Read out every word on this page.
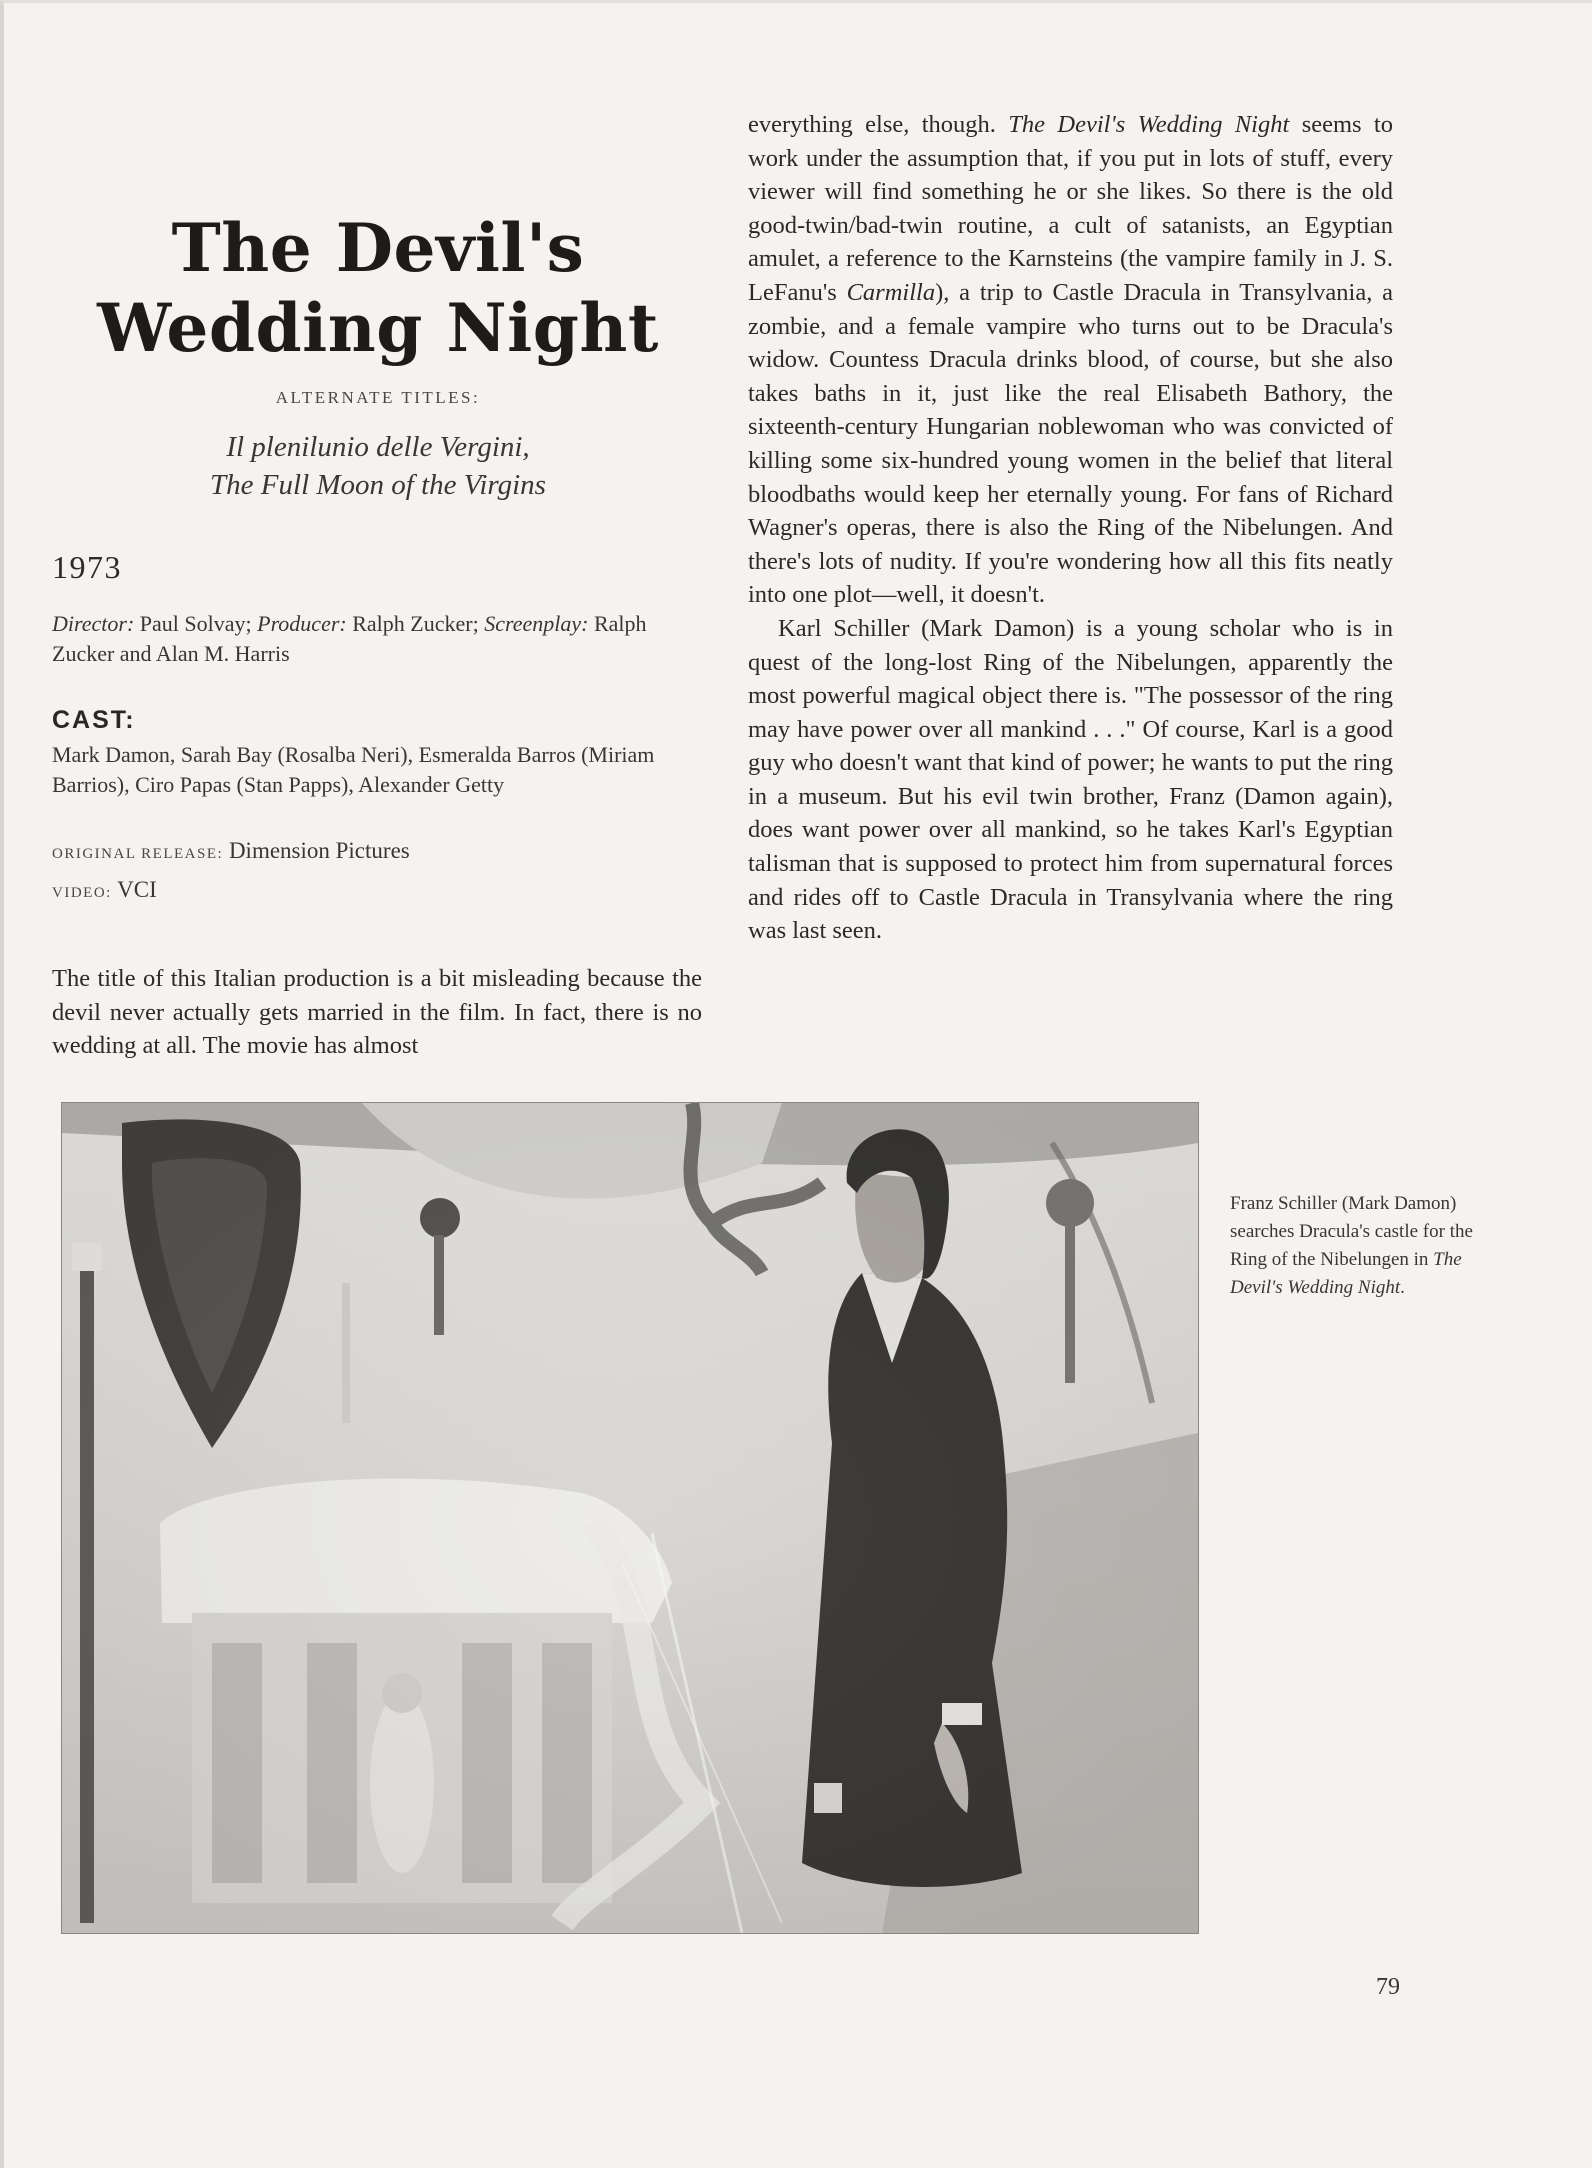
The Devil's Wedding Night
ALTERNATE TITLES:
Il plenilunio delle Vergini,
The Full Moon of the Virgins
1973
Director: Paul Solvay; Producer: Ralph Zucker; Screenplay: Ralph Zucker and Alan M. Harris
CAST:
Mark Damon, Sarah Bay (Rosalba Neri), Esmeralda Barros (Miriam Barrios), Ciro Papas (Stan Papps), Alexander Getty
ORIGINAL RELEASE: Dimension Pictures
VIDEO: VCI

The title of this Italian production is a bit misleading because the devil never actually gets married in the film. In fact, there is no wedding at all. The movie has almost

everything else, though. The Devil's Wedding Night seems to work under the assumption that, if you put in lots of stuff, every viewer will find something he or she likes. So there is the old good-twin/bad-twin routine, a cult of satanists, an Egyptian amulet, a reference to the Karnsteins (the vampire family in J. S. LeFanu's Carmilla), a trip to Castle Dracula in Transylvania, a zombie, and a female vampire who turns out to be Dracula's widow. Countess Dracula drinks blood, of course, but she also takes baths in it, just like the real Elisabeth Bathory, the sixteenth-century Hungarian noblewoman who was convicted of killing some six-hundred young women in the belief that literal bloodbaths would keep her eternally young. For fans of Richard Wagner's operas, there is also the Ring of the Nibelungen. And there's lots of nudity. If you're wondering how all this fits neatly into one plot—well, it doesn't.

Karl Schiller (Mark Damon) is a young scholar who is in quest of the long-lost Ring of the Nibelungen, apparently the most powerful magical object there is. "The possessor of the ring may have power over all mankind . . ." Of course, Karl is a good guy who doesn't want that kind of power; he wants to put the ring in a museum. But his evil twin brother, Franz (Damon again), does want power over all mankind, so he takes Karl's Egyptian talisman that is supposed to protect him from supernatural forces and rides off to Castle Dracula in Transylvania where the ring was last seen.

Franz Schiller (Mark Damon) searches Dracula's castle for the Ring of the Nibelungen in The Devil's Wedding Night.
79
